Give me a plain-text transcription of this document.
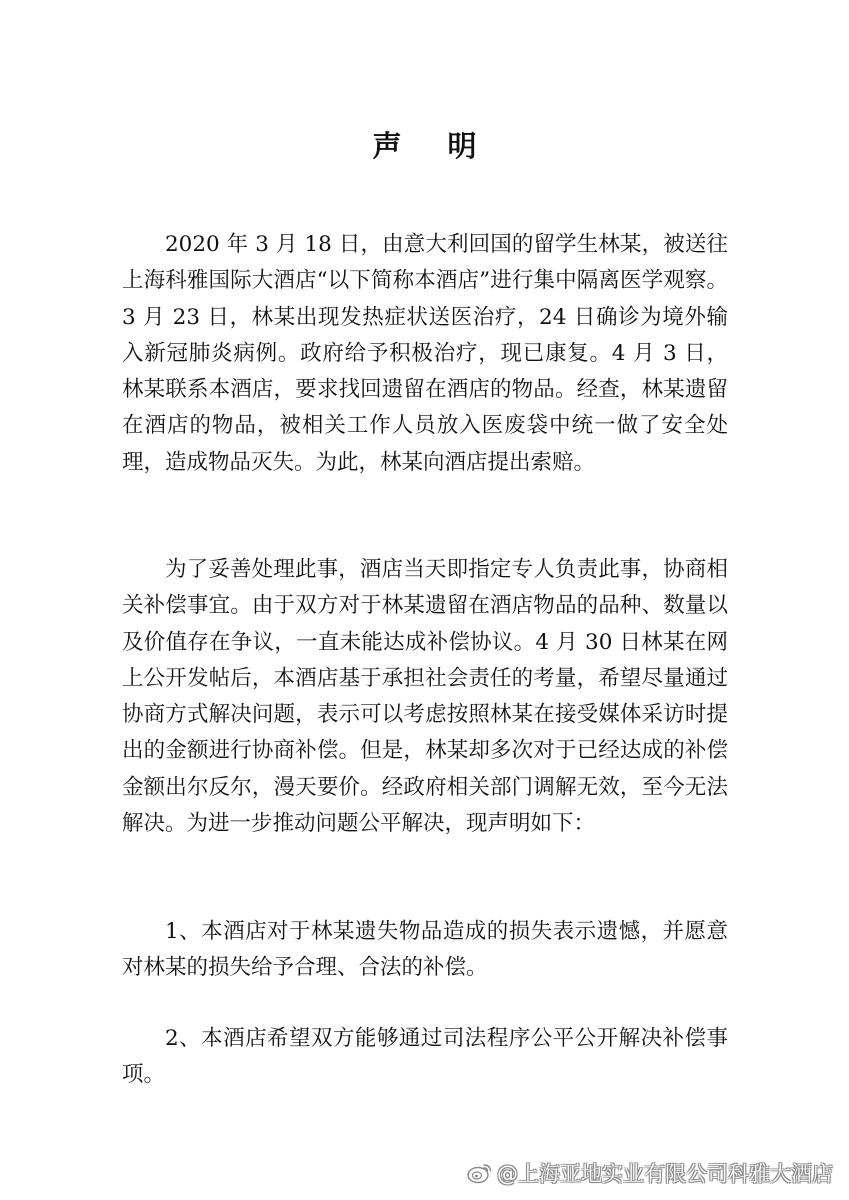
声 明

2020 年 3 月 18 日，由意大利回国的留学生林某，被送往上海科雅国际大酒店“以下简称本酒店”进行集中隔离医学观察。3 月 23 日，林某出现发热症状送医治疗，24 日确诊为境外输入新冠肺炎病例。政府给予积极治疗，现已康复。4 月 3 日，林某联系本酒店，要求找回遗留在酒店的物品。经查，林某遗留在酒店的物品，被相关工作人员放入医废袋中统一做了安全处理，造成物品灭失。为此，林某向酒店提出索赔。

为了妥善处理此事，酒店当天即指定专人负责此事，协商相关补偿事宜。由于双方对于林某遗留在酒店物品的品种、数量以及价值存在争议，一直未能达成补偿协议。4 月 30 日林某在网上公开发帖后，本酒店基于承担社会责任的考量，希望尽量通过协商方式解决问题，表示可以考虑按照林某在接受媒体采访时提出的金额进行协商补偿。但是，林某却多次对于已经达成的补偿金额出尔反尔，漫天要价。经政府相关部门调解无效，至今无法解决。为进一步推动问题公平解决，现声明如下：

1、本酒店对于林某遗失物品造成的损失表示遗憾，并愿意对林某的损失给予合理、合法的补偿。

2、本酒店希望双方能够通过司法程序公平公开解决补偿事项。

@上海亚地实业有限公司科雅大酒店
